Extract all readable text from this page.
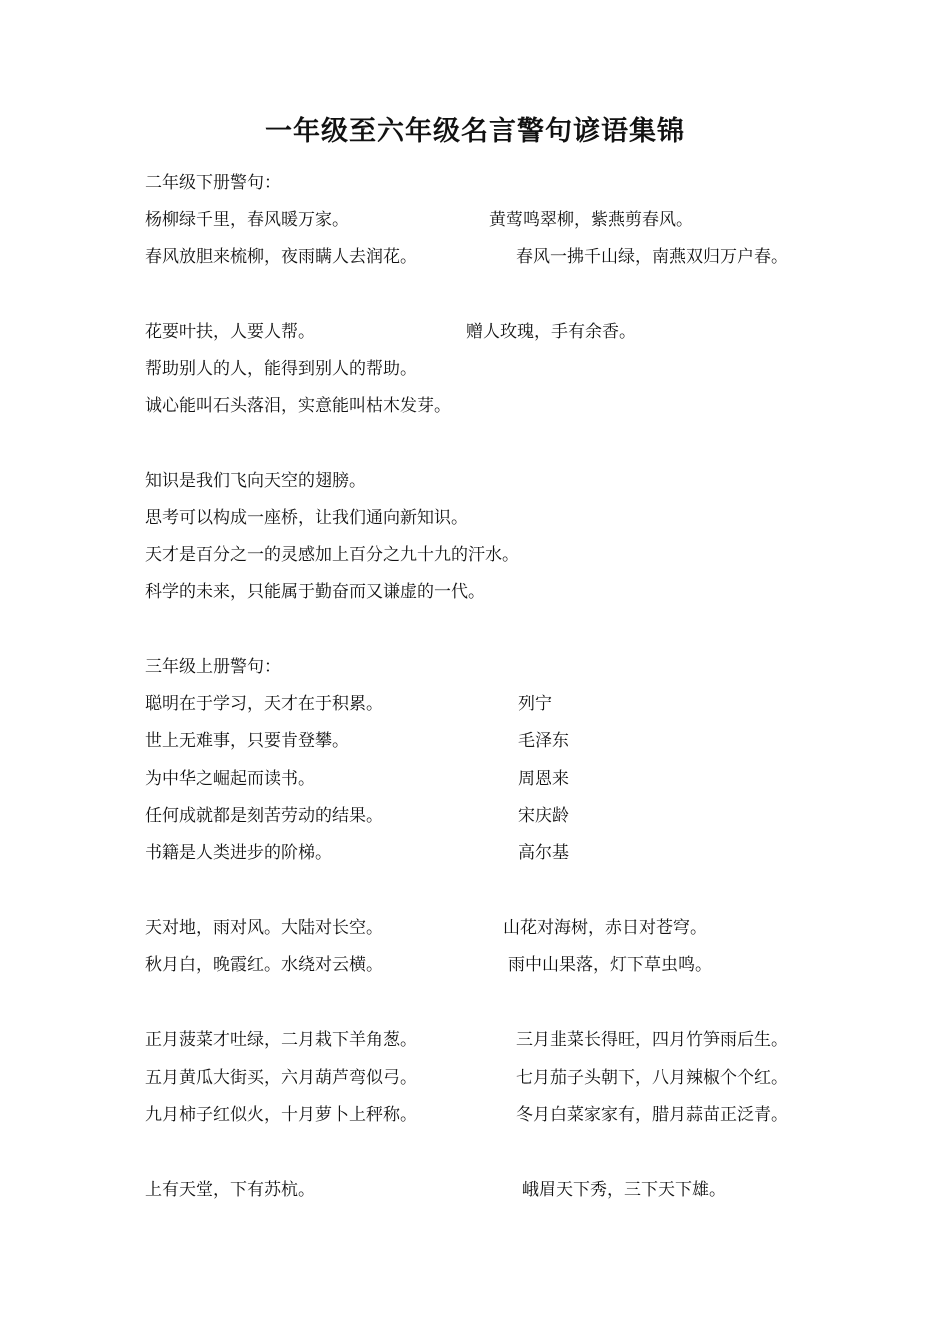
一年级至六年级名言警句谚语集锦
二年级下册警句：
杨柳绿千里，春风暖万家。	黄莺鸣翠柳，紫燕剪春风。
春风放胆来梳柳，夜雨瞒人去润花。	春风一拂千山绿，南燕双归万户春。
花要叶扶，人要人帮。	赠人玫瑰，手有余香。
帮助别人的人，能得到别人的帮助。
诚心能叫石头落泪，实意能叫枯木发芽。
知识是我们飞向天空的翅膀。
思考可以构成一座桥，让我们通向新知识。
天才是百分之一的灵感加上百分之九十九的汗水。
科学的未来，只能属于勤奋而又谦虚的一代。
三年级上册警句：
聪明在于学习，天才在于积累。	列宁
世上无难事，只要肯登攀。	毛泽东
为中华之崛起而读书。	周恩来
任何成就都是刻苦劳动的结果。	宋庆龄
书籍是人类进步的阶梯。	高尔基
天对地，雨对风。大陆对长空。	山花对海树，赤日对苍穹。
秋月白，晚霞红。水绕对云横。	雨中山果落，灯下草虫鸣。
正月菠菜才吐绿，二月栽下羊角葱。	三月韭菜长得旺，四月竹笋雨后生。
五月黄瓜大街买，六月葫芦弯似弓。	七月茄子头朝下，八月辣椒个个红。
九月柿子红似火，十月萝卜上秤称。	冬月白菜家家有，腊月蒜苗正泛青。
上有天堂，下有苏杭。	峨眉天下秀，三下天下雄。
